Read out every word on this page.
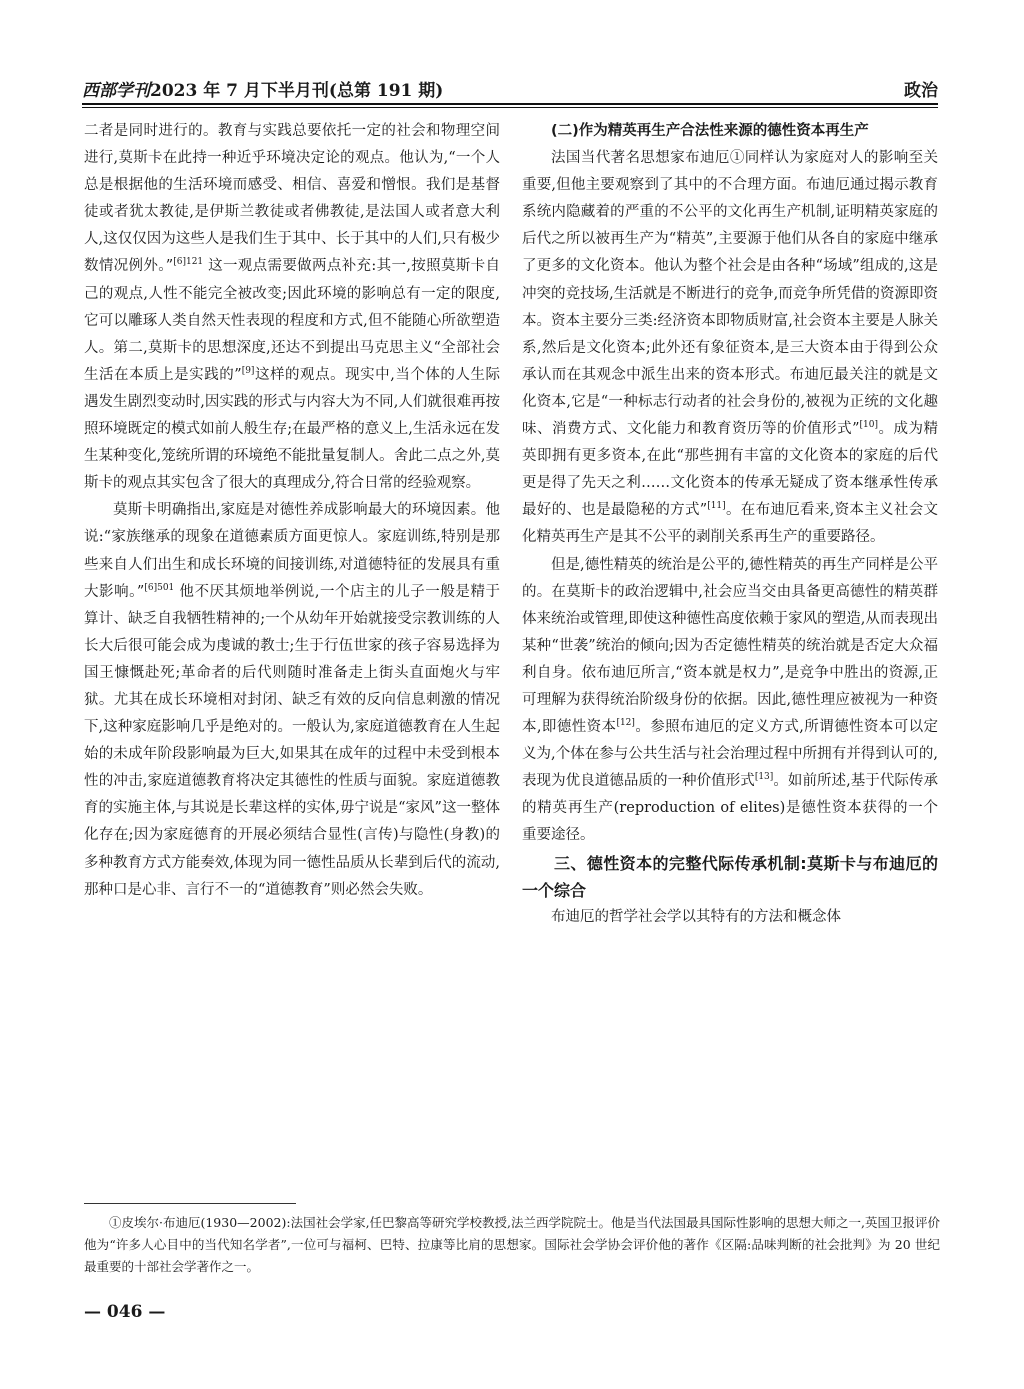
西部学刊2023 年 7 月下半月刊(总第 191 期)	政治

二者是同时进行的。教育与实践总要依托一定的社会和物理空间进行,莫斯卡在此持一种近乎环境决定论的观点。他认为,“一个人总是根据他的生活环境而感受、相信、喜爱和憎恨。我们是基督徒或者犹太教徒,是伊斯兰教徒或者佛教徒,是法国人或者意大利人,这仅仅因为这些人是我们生于其中、长于其中的人们,只有极少数情况例外。”$^{[6]121}$ 这一观点需要做两点补充:其一,按照莫斯卡自己的观点,人性不能完全被改变;因此环境的影响总有一定的限度,它可以雕琢人类自然天性表现的程度和方式,但不能随心所欲塑造人。第二,莫斯卡的思想深度,还达不到提出马克思主义“全部社会生活在本质上是实践的”[9]这样的观点。现实中,当个体的人生际遇发生剧烈变动时,因实践的形式与内容大为不同,人们就很难再按照环境既定的模式如前人般生存;在最严格的意义上,生活永远在发生某种变化,笼统所谓的环境绝不能批量复制人。舍此二点之外,莫斯卡的观点其实包含了很大的真理成分,符合日常的经验观察。

莫斯卡明确指出,家庭是对德性养成影响最大的环境因素。他说:“家族继承的现象在道德素质方面更惊人。家庭训练,特别是那些来自人们出生和成长环境的间接训练,对道德特征的发展具有重大影响。”$^{[6]501}$ 他不厌其烦地举例说,一个店主的儿子一般是精于算计、缺乏自我牺牲精神的;一个从幼年开始就接受宗教训练的人长大后很可能会成为虔诚的教士;生于行伍世家的孩子容易选择为国王慷慨赴死;革命者的后代则随时准备走上街头直面炮火与牢狱。尤其在成长环境相对封闭、缺乏有效的反向信息刺激的情况下,这种家庭影响几乎是绝对的。一般认为,家庭道德教育在人生起始的未成年阶段影响最为巨大,如果其在成年的过程中未受到根本性的冲击,家庭道德教育将决定其德性的性质与面貌。家庭道德教育的实施主体,与其说是长辈这样的实体,毋宁说是“家风”这一整体化存在;因为家庭德育的开展必须结合显性(言传)与隐性(身教)的多种教育方式方能奏效,体现为同一德性品质从长辈到后代的流动,那种口是心非、言行不一的“道德教育”则必然会失败。

(二)作为精英再生产合法性来源的德性资本再生产

法国当代著名思想家布迪厄①同样认为家庭对人的影响至关重要,但他主要观察到了其中的不合理方面。布迪厄通过揭示教育系统内隐藏着的严重的不公平的文化再生产机制,证明精英家庭的后代之所以被再生产为“精英”,主要源于他们从各自的家庭中继承了更多的文化资本。他认为整个社会是由各种“场域”组成的,这是冲突的竞技场,生活就是不断进行的竞争,而竞争所凭借的资源即资本。资本主要分三类:经济资本即物质财富,社会资本主要是人脉关系,然后是文化资本;此外还有象征资本,是三大资本由于得到公众承认而在其观念中派生出来的资本形式。布迪厄最关注的就是文化资本,它是“一种标志行动者的社会身份的,被视为正统的文化趣味、消费方式、文化能力和教育资历等的价值形式”[10]。成为精英即拥有更多资本,在此“那些拥有丰富的文化资本的家庭的后代更是得了先天之利……文化资本的传承无疑成了资本继承性传承最好的、也是最隐秘的方式”[11]。在布迪厄看来,资本主义社会文化精英再生产是其不公平的剥削关系再生产的重要路径。

但是,德性精英的统治是公平的,德性精英的再生产同样是公平的。在莫斯卡的政治逻辑中,社会应当交由具备更高德性的精英群体来统治或管理,即使这种德性高度依赖于家风的塑造,从而表现出某种“世袭”统治的倾向;因为否定德性精英的统治就是否定大众福利自身。依布迪厄所言,“资本就是权力”,是竞争中胜出的资源,正可理解为获得统治阶级身份的依据。因此,德性理应被视为一种资本,即德性资本[12]。参照布迪厄的定义方式,所谓德性资本可以定义为,个体在参与公共生活与社会治理过程中所拥有并得到认可的,表现为优良道德品质的一种价值形式[13]。如前所述,基于代际传承的精英再生产(reproduction of elites)是德性资本获得的一个重要途径。

三、德性资本的完整代际传承机制:莫斯卡与布迪厄的一个综合

布迪厄的哲学社会学以其特有的方法和概念体

①皮埃尔·布迪厄(1930—2002):法国社会学家,任巴黎高等研究学校教授,法兰西学院院士。他是当代法国最具国际性影响的思想大师之一,英国卫报评价他为“许多人心目中的当代知名学者”,一位可与福柯、巴特、拉康等比肩的思想家。国际社会学协会评价他的著作《区隔:品味判断的社会批判》为 20 世纪最重要的十部社会学著作之一。
— 046 —
